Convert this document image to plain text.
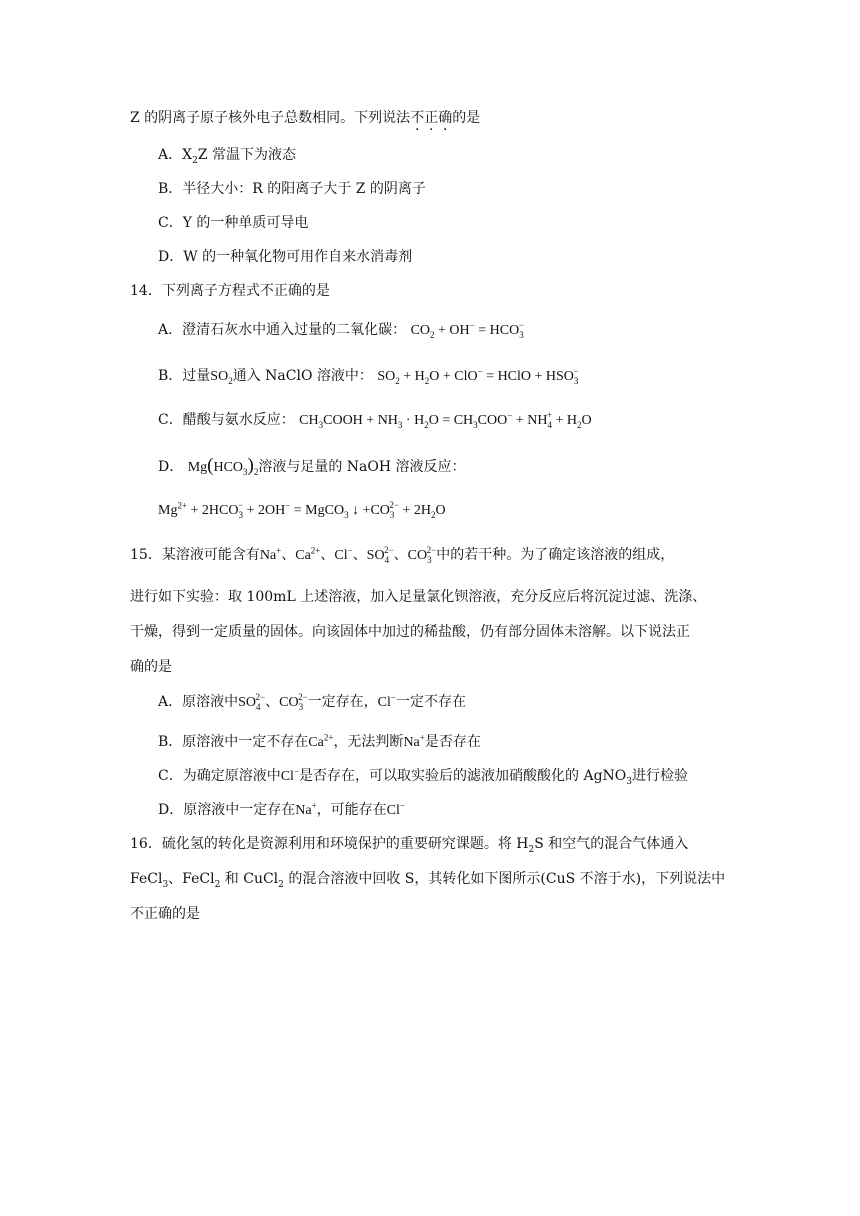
Z 的阴离子原子核外电子总数相同。下列说法不正确的是
A．$X_2Z$ 常温下为液态
B．半径大小：R 的阳离子大于 Z 的阴离子
C．Y 的一种单质可导电
D．W 的一种氧化物可用作自来水消毒剂
14．下列离子方程式不正确的是
A．澄清石灰水中通入过量的二氧化碳： $CO_2 + OH^- = HCO_3^-$
B．过量$SO_2$通入 NaClO 溶液中： $SO_2 + H_2O + ClO^-$ = HClO + $HSO_3^-$
C．醋酸与氨水反应： $CH_3COOH + NH_3 \cdot H_2O = CH_3COO^- + NH_4^+ + H_2O$
D． $Mg(HCO_3)_2$溶液与足量的 NaOH 溶液反应：
$Mg^{2+} + 2HCO_3^- + 2OH^-$ = MgCO$_3$ ↓ $+CO_3^{2-} + 2H_2O$
15．某溶液可能含有Na+、$Ca^{2+}$、Cl−、$SO_4^{2-}$、$CO_3^{2-}$中的若干种。为了确定该溶液的组成，
进行如下实验：取 100mL 上述溶液，加入足量氯化钡溶液，充分反应后将沉淀过滤、洗涤、
干燥，得到一定质量的固体。向该固体中加过的稀盐酸，仍有部分固体未溶解。以下说法正
确的是
A．原溶液中$SO_4^{2-}$、$CO_3^{2-}$一定存在，Cl−一定不存在
B．原溶液中一定不存在$Ca^{2+}$，无法判断Na+是否存在
C．为确定原溶液中Cl−是否存在，可以取实验后的滤液加硝酸酸化的 AgNO$_3$进行检验
D．原溶液中一定存在Na+，可能存在Cl−
16．硫化氢的转化是资源利用和环境保护的重要研究课题。将 $H_2S$ 和空气的混合气体通入
FeCl$_3$、FeCl$_2$ 和 CuCl$_2$ 的混合溶液中回收 S，其转化如下图所示(CuS 不溶于水)，下列说法中
不正确的是
